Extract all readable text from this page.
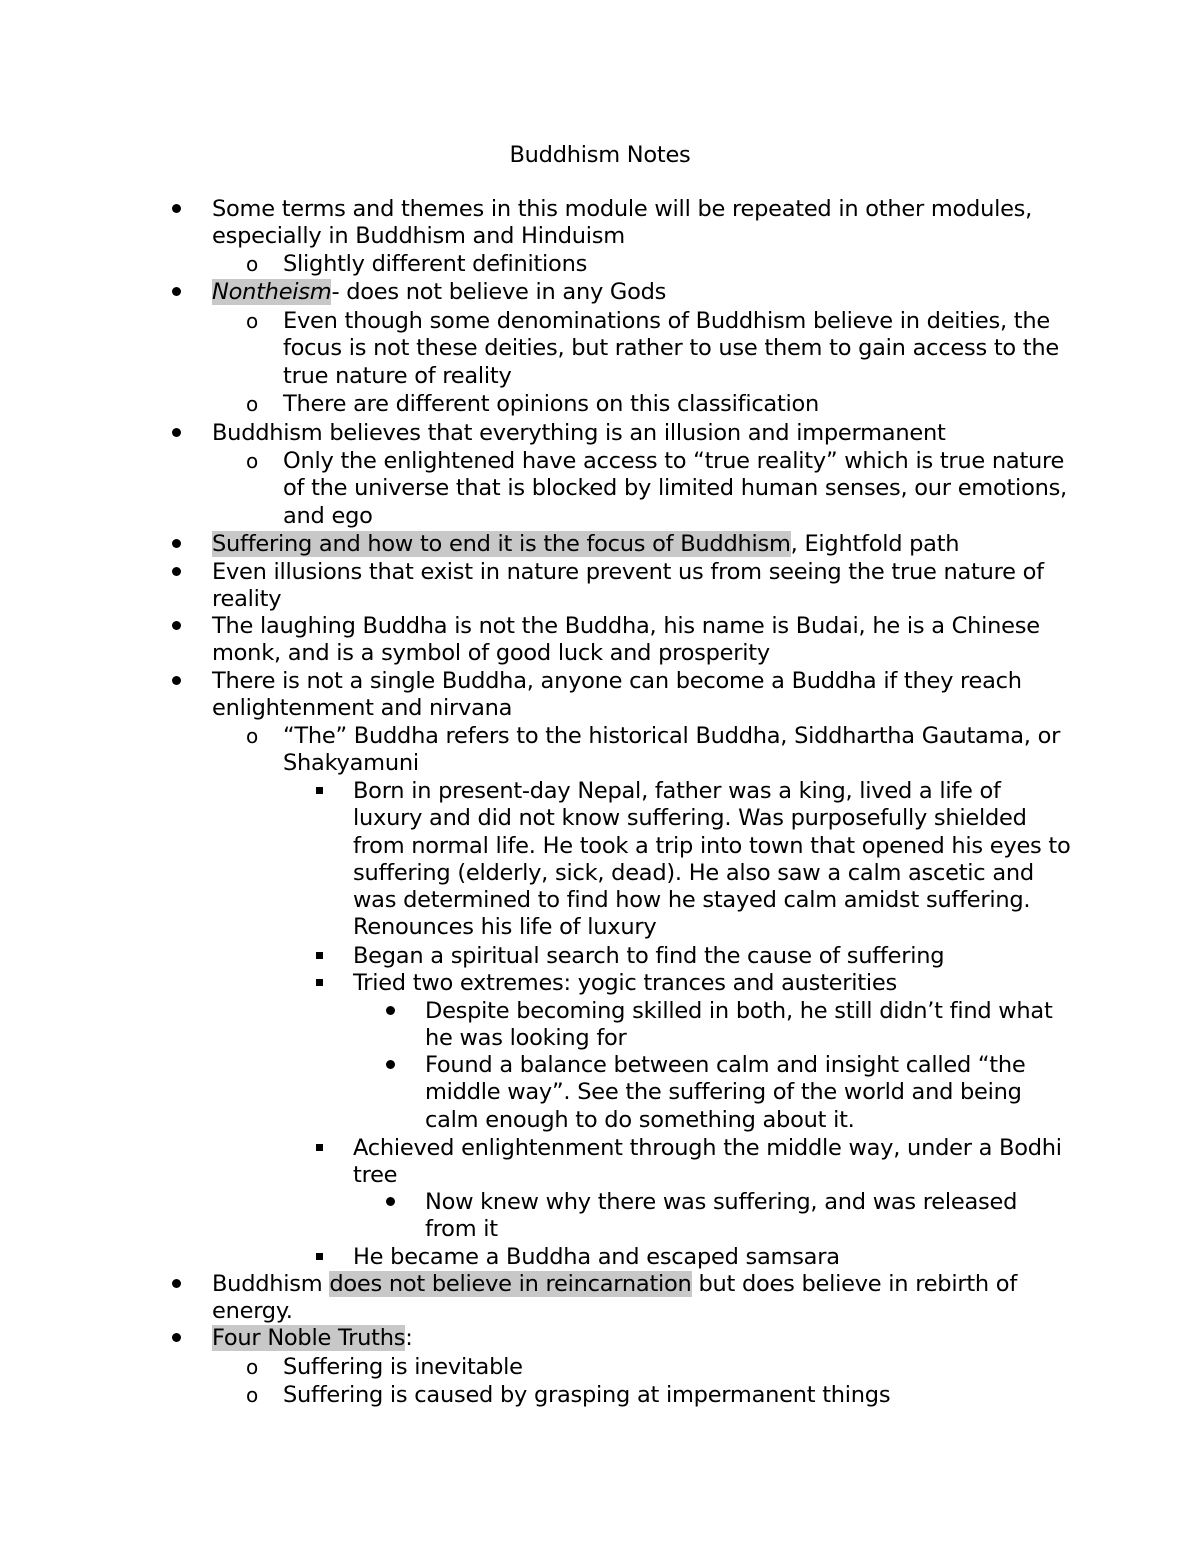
Buddhism Notes
Some terms and themes in this module will be repeated in other modules, especially in Buddhism and Hinduism
o Slightly different definitions
Nontheism- does not believe in any Gods
o Even though some denominations of Buddhism believe in deities, the focus is not these deities, but rather to use them to gain access to the true nature of reality
o There are different opinions on this classification
Buddhism believes that everything is an illusion and impermanent
o Only the enlightened have access to “true reality” which is true nature of the universe that is blocked by limited human senses, our emotions, and ego
Suffering and how to end it is the focus of Buddhism, Eightfold path
Even illusions that exist in nature prevent us from seeing the true nature of reality
The laughing Buddha is not the Buddha, his name is Budai, he is a Chinese monk, and is a symbol of good luck and prosperity
There is not a single Buddha, anyone can become a Buddha if they reach enlightenment and nirvana
o “The” Buddha refers to the historical Buddha, Siddhartha Gautama, or Shakyamuni
Born in present-day Nepal, father was a king, lived a life of luxury and did not know suffering. Was purposefully shielded from normal life. He took a trip into town that opened his eyes to suffering (elderly, sick, dead). He also saw a calm ascetic and was determined to find how he stayed calm amidst suffering. Renounces his life of luxury
Began a spiritual search to find the cause of suffering
Tried two extremes: yogic trances and austerities
Despite becoming skilled in both, he still didn’t find what he was looking for
Found a balance between calm and insight called “the middle way”. See the suffering of the world and being calm enough to do something about it.
Achieved enlightenment through the middle way, under a Bodhi tree
Now knew why there was suffering, and was released from it
He became a Buddha and escaped samsara
Buddhism does not believe in reincarnation but does believe in rebirth of energy.
Four Noble Truths:
o Suffering is inevitable
o Suffering is caused by grasping at impermanent things
